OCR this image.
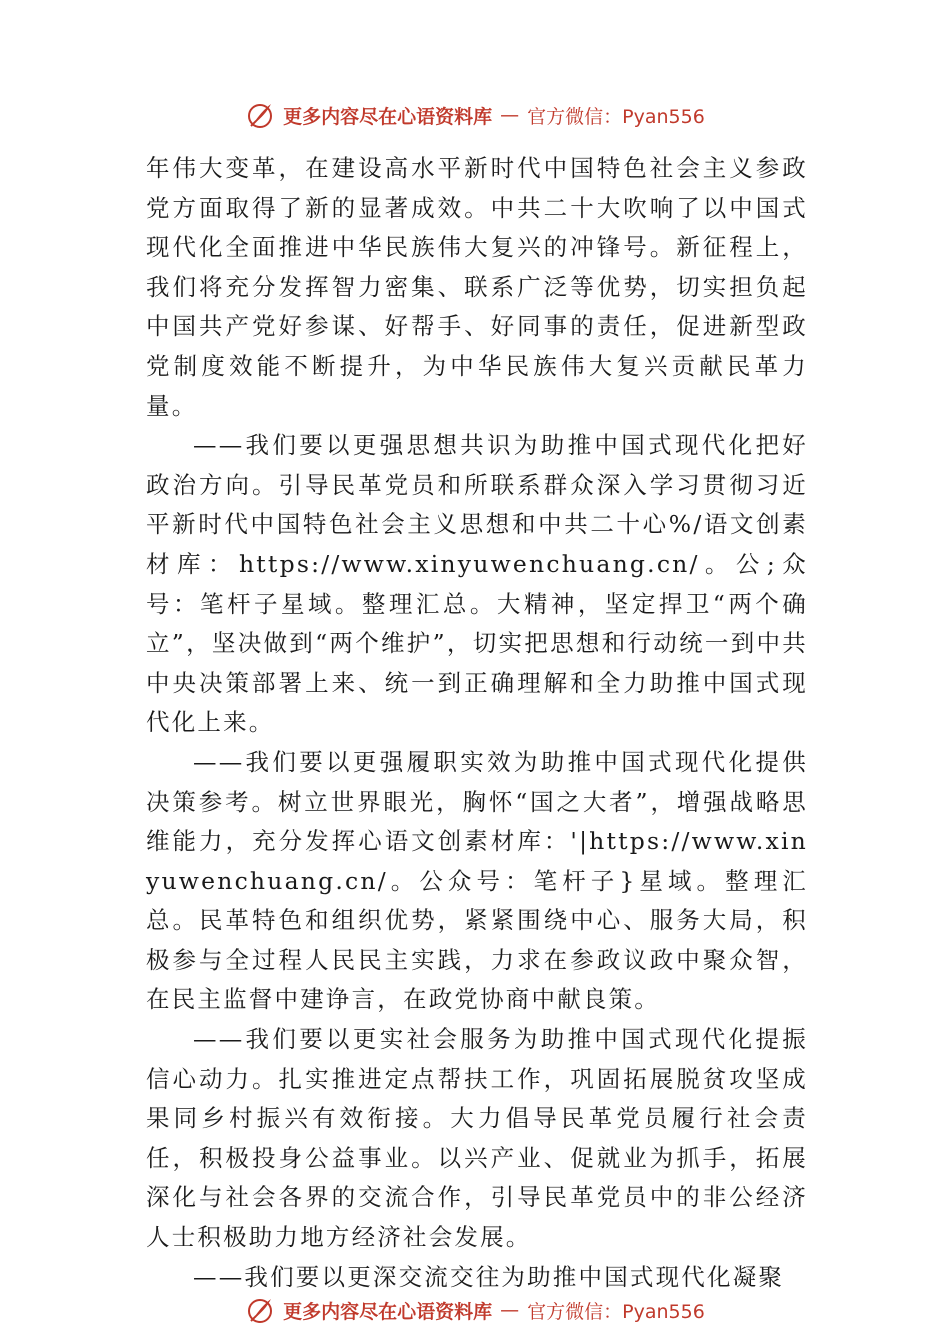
更多内容尽在心语资料库 — 官方微信：Pyan556

年伟大变革，在建设高水平新时代中国特色社会主义参政党方面取得了新的显著成效。中共二十大吹响了以中国式现代化全面推进中华民族伟大复兴的冲锋号。新征程上，我们将充分发挥智力密集、联系广泛等优势，切实担负起中国共产党好参谋、好帮手、好同事的责任，促进新型政党制度效能不断提升，为中华民族伟大复兴贡献民革力量。

——我们要以更强思想共识为助推中国式现代化把好政治方向。引导民革党员和所联系群众深入学习贯彻习近平新时代中国特色社会主义思想和中共二十心%/语文创素材库：https://www.xinyuwenchuang.cn/。公;众号：笔杆子星域。整理汇总。大精神，坚定捍卫“两个确立”，坚决做到“两个维护”，切实把思想和行动统一到中共中央决策部署上来、统一到正确理解和全力助推中国式现代化上来。

——我们要以更强履职实效为助推中国式现代化提供决策参考。树立世界眼光，胸怀“国之大者”，增强战略思维能力，充分发挥心语文创素材库：'|https://www.xinyuwenchuang.cn/。公众号：笔杆子}星域。整理汇总。民革特色和组织优势，紧紧围绕中心、服务大局，积极参与全过程人民民主实践，力求在参政议政中聚众智，在民主监督中建诤言，在政党协商中献良策。

——我们要以更实社会服务为助推中国式现代化提振信心动力。扎实推进定点帮扶工作，巩固拓展脱贫攻坚成果同乡村振兴有效衔接。大力倡导民革党员履行社会责任，积极投身公益事业。以兴产业、促就业为抓手，拓展深化与社会各界的交流合作，引导民革党员中的非公经济人士积极助力地方经济社会发展。

——我们要以更深交流交往为助推中国式现代化凝聚

更多内容尽在心语资料库 — 官方微信：Pyan556
